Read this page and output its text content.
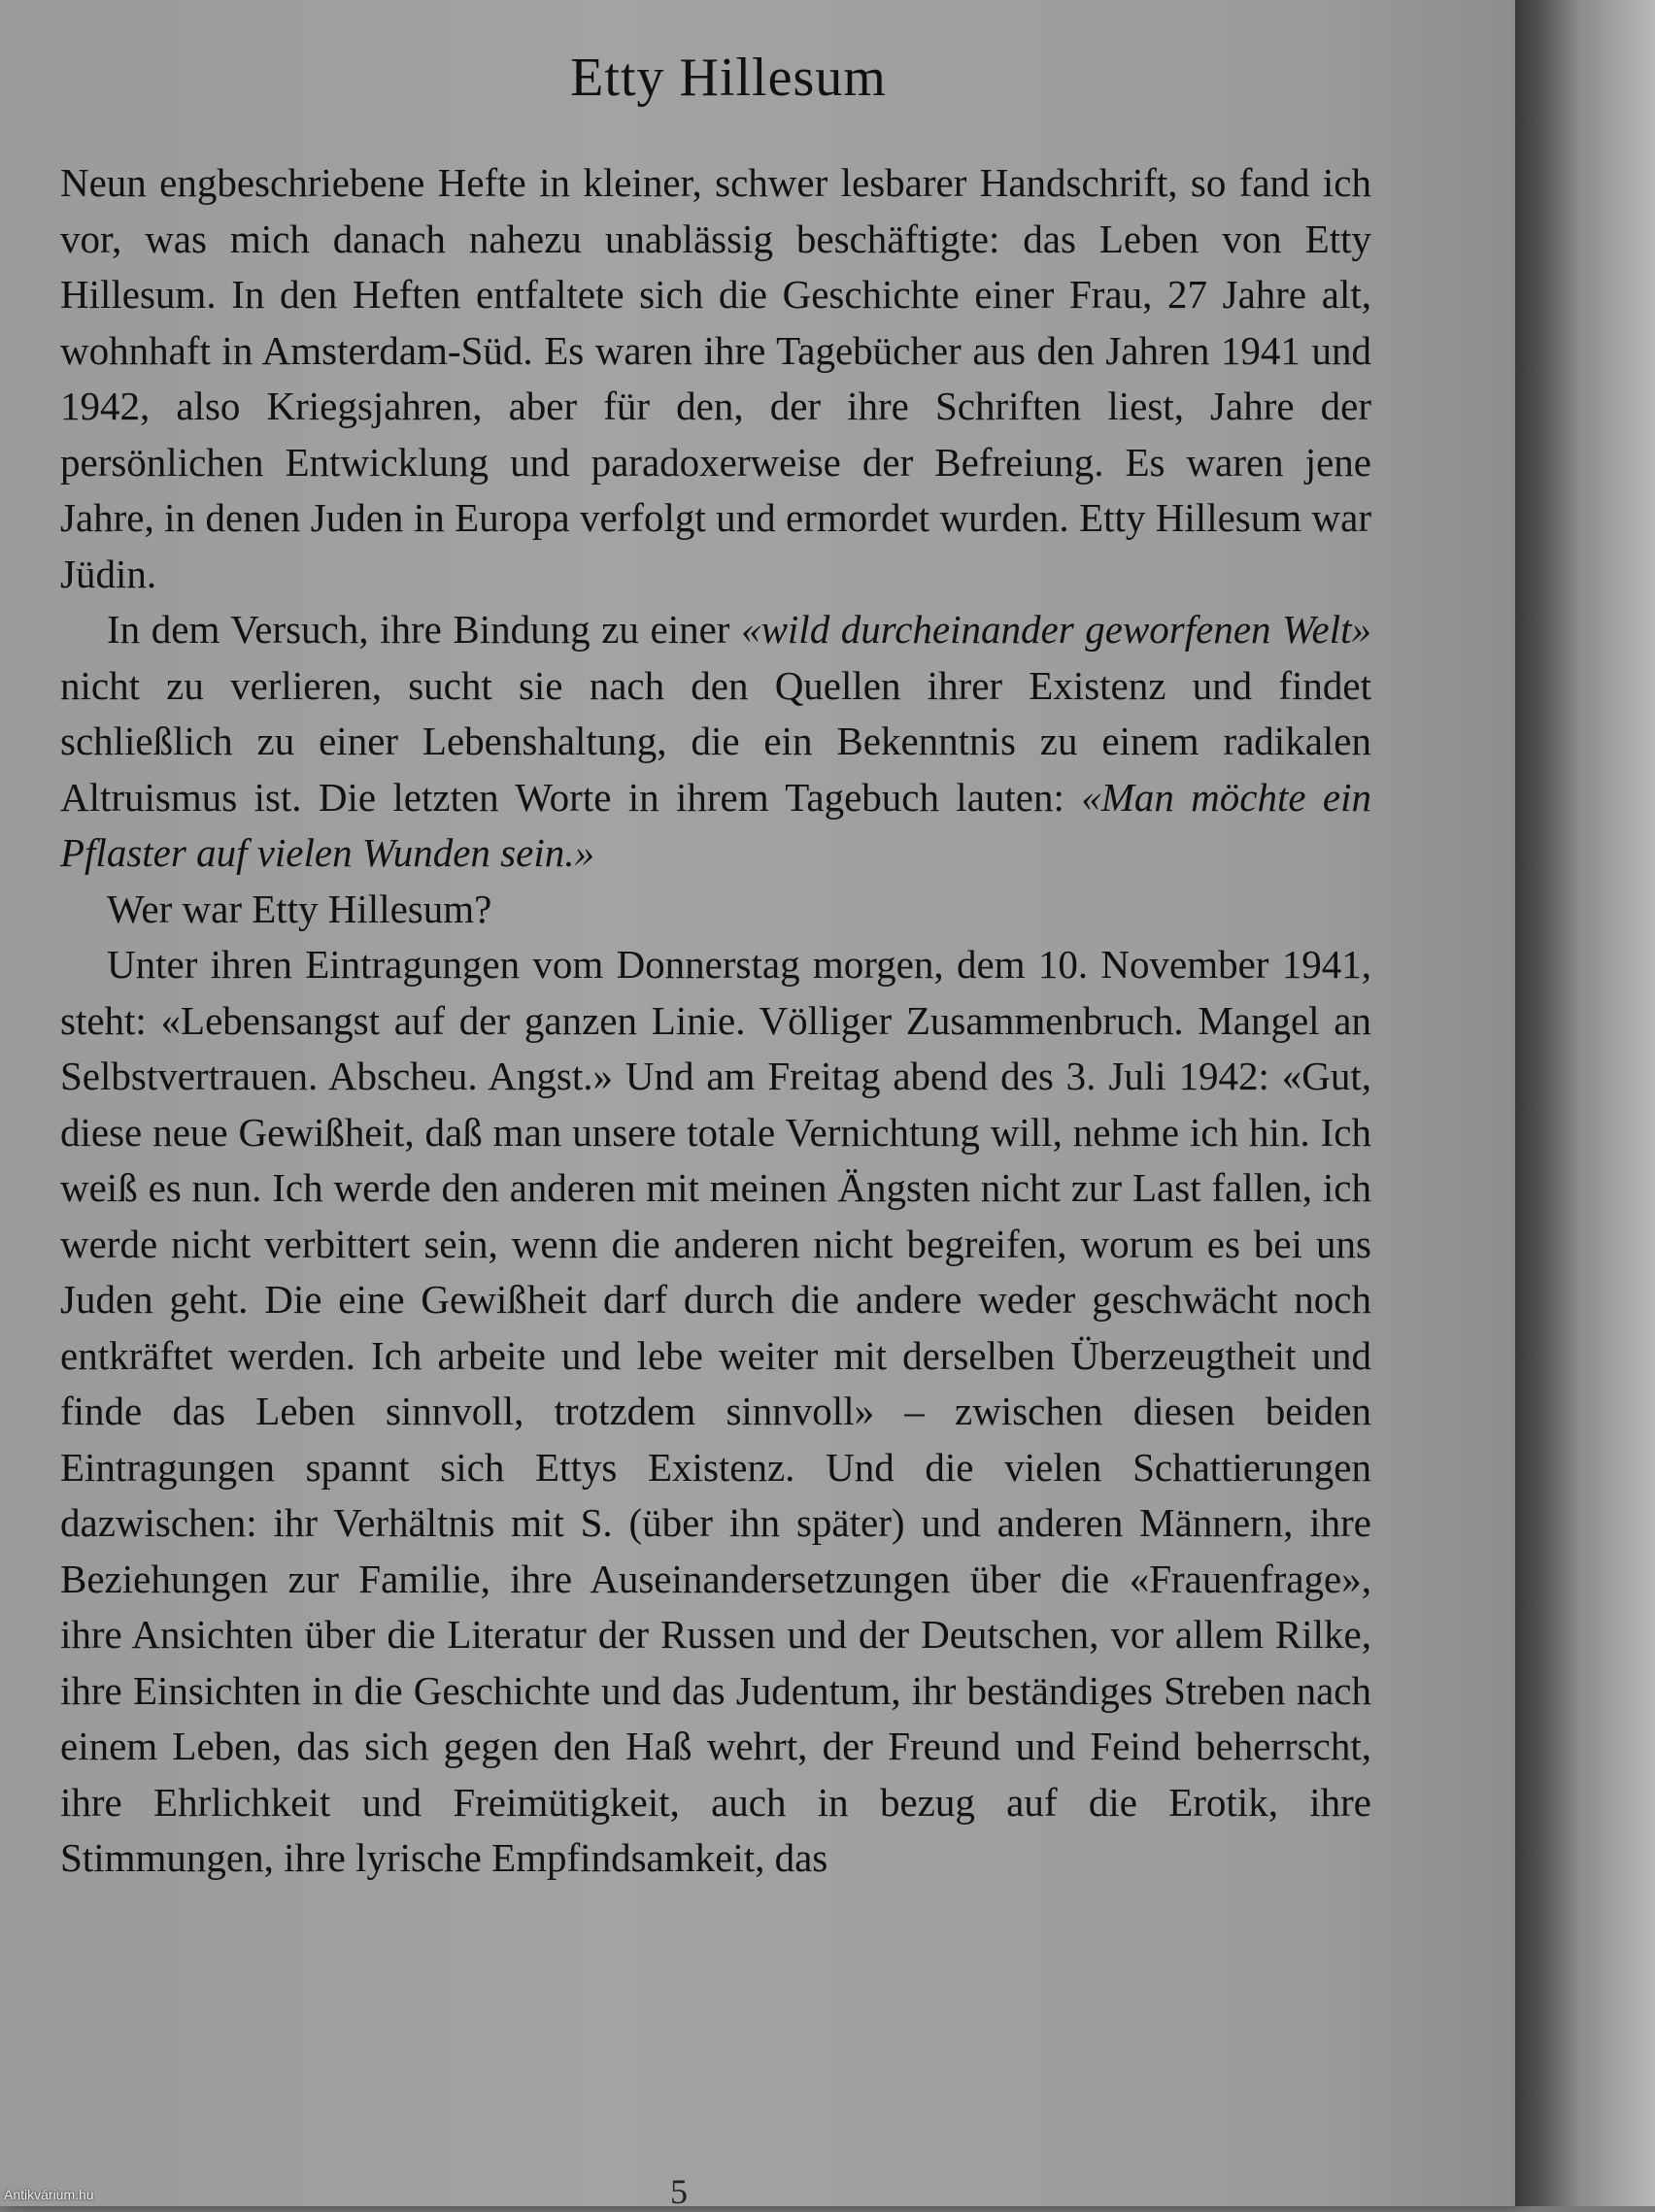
Etty Hillesum

Neun engbeschriebene Hefte in kleiner, schwer lesbarer Handschrift, so fand ich vor, was mich danach nahezu unablässig beschäftigte: das Leben von Etty Hillesum. In den Heften entfaltete sich die Geschichte einer Frau, 27 Jahre alt, wohnhaft in Amsterdam-Süd. Es waren ihre Tagebücher aus den Jahren 1941 und 1942, also Kriegsjahren, aber für den, der ihre Schriften liest, Jahre der persönlichen Entwicklung und paradoxerweise der Befreiung. Es waren jene Jahre, in denen Juden in Europa verfolgt und ermordet wurden. Etty Hillesum war Jüdin.

In dem Versuch, ihre Bindung zu einer «wild durcheinander geworfenen Welt» nicht zu verlieren, sucht sie nach den Quellen ihrer Existenz und findet schließlich zu einer Lebenshaltung, die ein Bekenntnis zu einem radikalen Altruismus ist. Die letzten Worte in ihrem Tagebuch lauten: «Man möchte ein Pflaster auf vielen Wunden sein.»

Wer war Etty Hillesum?

Unter ihren Eintragungen vom Donnerstag morgen, dem 10. November 1941, steht: «Lebensangst auf der ganzen Linie. Völliger Zusammenbruch. Mangel an Selbstvertrauen. Abscheu. Angst.» Und am Freitag abend des 3. Juli 1942: «Gut, diese neue Gewißheit, daß man unsere totale Vernichtung will, nehme ich hin. Ich weiß es nun. Ich werde den anderen mit meinen Ängsten nicht zur Last fallen, ich werde nicht verbittert sein, wenn die anderen nicht begreifen, worum es bei uns Juden geht. Die eine Gewißheit darf durch die andere weder geschwächt noch entkräftet werden. Ich arbeite und lebe weiter mit derselben Überzeugtheit und finde das Leben sinnvoll, trotzdem sinnvoll» – zwischen diesen beiden Eintragungen spannt sich Ettys Existenz. Und die vielen Schattierungen dazwischen: ihr Verhältnis mit S. (über ihn später) und anderen Männern, ihre Beziehungen zur Familie, ihre Auseinandersetzungen über die «Frauenfrage», ihre Ansichten über die Literatur der Russen und der Deutschen, vor allem Rilke, ihre Einsichten in die Geschichte und das Judentum, ihr beständiges Streben nach einem Leben, das sich gegen den Haß wehrt, der Freund und Feind beherrscht, ihre Ehrlichkeit und Freimütigkeit, auch in bezug auf die Erotik, ihre Stimmungen, ihre lyrische Empfindsamkeit, das

5
Antikvárium.hu
